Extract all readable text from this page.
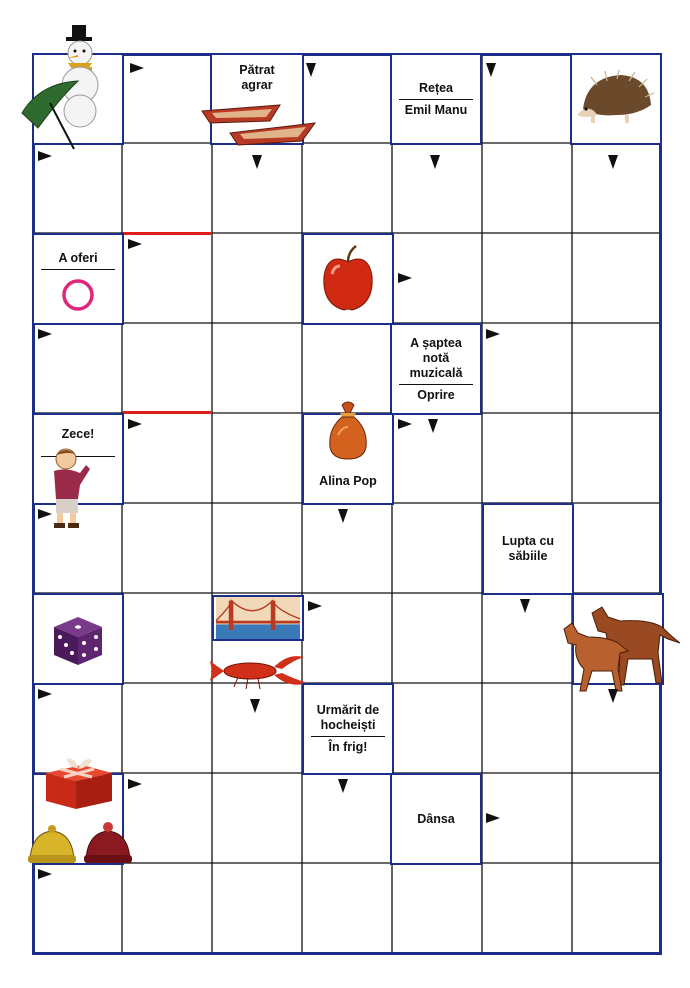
Pătrat agrar	Rețea
Emil Manu
A oferi
A șaptea notă muzicală
Oprire
Zece!
Alina Pop
Lupta cu săbiile
Urmărit de hocheiști
În frig!
Dânsa
